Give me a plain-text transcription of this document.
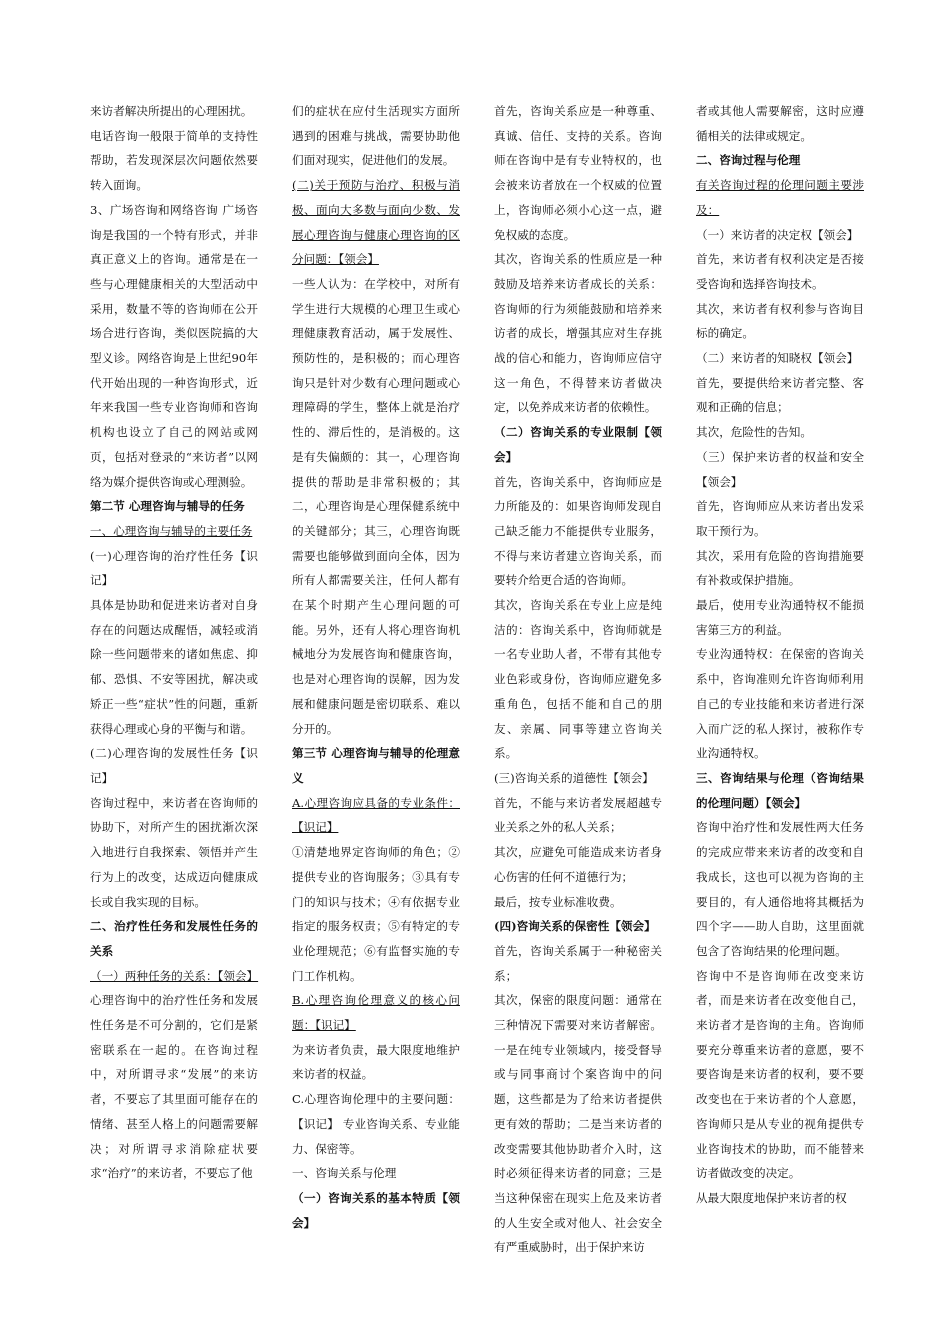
来访者解决所提出的心理困扰。

电话咨询一般限于简单的支持性帮助，若发现深层次问题依然要转入面询。

3、广场咨询和网络咨询 广场咨询是我国的一个特有形式，并非真正意义上的咨询。通常是在一些与心理健康相关的大型活动中采用，数量不等的咨询师在公开场合进行咨询，类似医院搞的大型义诊。网络咨询是上世纪90年代开始出现的一种咨询形式，近年来我国一些专业咨询师和咨询机构也设立了自己的网站或网页，包括对登录的“来访者”以网络为媒介提供咨询或心理测验。

第二节 心理咨询与辅导的任务

一、心理咨询与辅导的主要任务

(一)心理咨询的治疗性任务【识记】

具体是协助和促进来访者对自身存在的问题达成醒悟，减轻或消除一些问题带来的诸如焦虑、抑郁、恐惧、不安等困扰，解决或矫正一些“症状”性的问题，重新获得心理或心身的平衡与和谐。

(二)心理咨询的发展性任务【识记】

咨询过程中，来访者在咨询师的协助下，对所产生的困扰渐次深入地进行自我探索、领悟并产生行为上的改变，达成迈向健康成长或自我实现的目标。

二、治疗性任务和发展性任务的关系

（一）两种任务的关系：【领会】

心理咨询中的治疗性任务和发展性任务是不可分割的，它们是紧密联系在一起的。在咨询过程中，对所谓寻求“发展”的来访者，不要忘了其里面可能存在的情绪、甚至人格上的问题需要解决；对所谓寻求消除症状要求“治疗”的来访者，不要忘了他

们的症状在应付生活现实方面所遇到的困难与挑战，需要协助他们面对现实，促进他们的发展。

(二)关于预防与治疗、积极与消极、面向大多数与面向少数、发展心理咨询与健康心理咨询的区分问题：【领会】

一些人认为：在学校中，对所有学生进行大规模的心理卫生或心理健康教育活动，属于发展性、预防性的，是积极的；而心理咨询只是针对少数有心理问题或心理障碍的学生，整体上就是治疗性的、滞后性的，是消极的。这是有失偏颇的：其一，心理咨询提供的帮助是非常积极的；其二，心理咨询是心理保健系统中的关键部分；其三，心理咨询既需要也能够做到面向全体，因为所有人都需要关注，任何人都有在某个时期产生心理问题的可能。另外，还有人将心理咨询机械地分为发展咨询和健康咨询，也是对心理咨询的误解，因为发展和健康问题是密切联系、难以分开的。

第三节 心理咨询与辅导的伦理意义

A.心理咨询应具备的专业条件：【识记】

①清楚地界定咨询师的角色；②提供专业的咨询服务；③具有专门的知识与技术；④有依据专业指定的服务权责；⑤有特定的专业伦理规范；⑥有监督实施的专门工作机构。

B.心理咨询伦理意义的核心问题：【识记】

为来访者负责，最大限度地维护来访者的权益。

C.心理咨询伦理中的主要问题：【识记】 专业咨询关系、专业能力、保密等。

一、咨询关系与伦理

（一）咨询关系的基本特质【领会】

首先，咨询关系应是一种尊重、真诚、信任、支持的关系。咨询师在咨询中是有专业特权的，也会被来访者放在一个权威的位置上，咨询师必须小心这一点，避免权威的态度。

其次，咨询关系的性质应是一种鼓励及培养来访者成长的关系：咨询师的行为须能鼓励和培养来访者的成长，增强其应对生存挑战的信心和能力，咨询师应信守这一角色，不得替来访者做决定，以免养成来访者的依赖性。

（二）咨询关系的专业限制【领会】

首先，咨询关系中，咨询师应是力所能及的：如果咨询师发现自己缺乏能力不能提供专业服务，不得与来访者建立咨询关系，而要转介给更合适的咨询师。

其次，咨询关系在专业上应是纯洁的：咨询关系中，咨询师就是一名专业助人者，不带有其他专业色彩或身份，咨询师应避免多重角色，包括不能和自己的朋友、亲属、同事等建立咨询关系。

(三)咨询关系的道德性【领会】

首先，不能与来访者发展超越专业关系之外的私人关系；

其次，应避免可能造成来访者身心伤害的任何不道德行为；

最后，按专业标准收费。

(四)咨询关系的保密性【领会】

首先，咨询关系属于一种秘密关系；

其次，保密的限度问题：通常在三种情况下需要对来访者解密。一是在纯专业领域内，接受督导或与同事商讨个案咨询中的问题，这些都是为了给来访者提供更有效的帮助；二是当来访者的改变需要其他协助者介入时，这时必须征得来访者的同意；三是当这种保密在现实上危及来访者的人生安全或对他人、社会安全有严重威胁时，出于保护来访

者或其他人需要解密，这时应遵循相关的法律或规定。

二、咨询过程与伦理

有关咨询过程的伦理问题主要涉及：

（一）来访者的决定权【领会】

首先，来访者有权利决定是否接受咨询和选择咨询技术。

其次，来访者有权利参与咨询目标的确定。

（二）来访者的知晓权【领会】

首先，要提供给来访者完整、客观和正确的信息；

其次，危险性的告知。

（三）保护来访者的权益和安全【领会】

首先，咨询师应从来访者出发采取干预行为。

其次，采用有危险的咨询措施要有补救或保护措施。

最后，使用专业沟通特权不能损害第三方的利益。

专业沟通特权：在保密的咨询关系中，咨询准则允许咨询师利用自己的专业技能和来访者进行深入而广泛的私人探讨，被称作专业沟通特权。

三、咨询结果与伦理（咨询结果的伦理问题）【领会】

咨询中治疗性和发展性两大任务的完成应带来来访者的改变和自我成长，这也可以视为咨询的主要目的，有人通俗地将其概括为四个字——助人自助，这里面就包含了咨询结果的伦理问题。

咨询中不是咨询师在改变来访者，而是来访者在改变他自己，来访者才是咨询的主角。咨询师要充分尊重来访者的意愿，要不要咨询是来访者的权利，要不要改变也在于来访者的个人意愿，咨询师只是从专业的视角提供专业咨询技术的协助，而不能替来访者做改变的决定。

从最大限度地保护来访者的权
